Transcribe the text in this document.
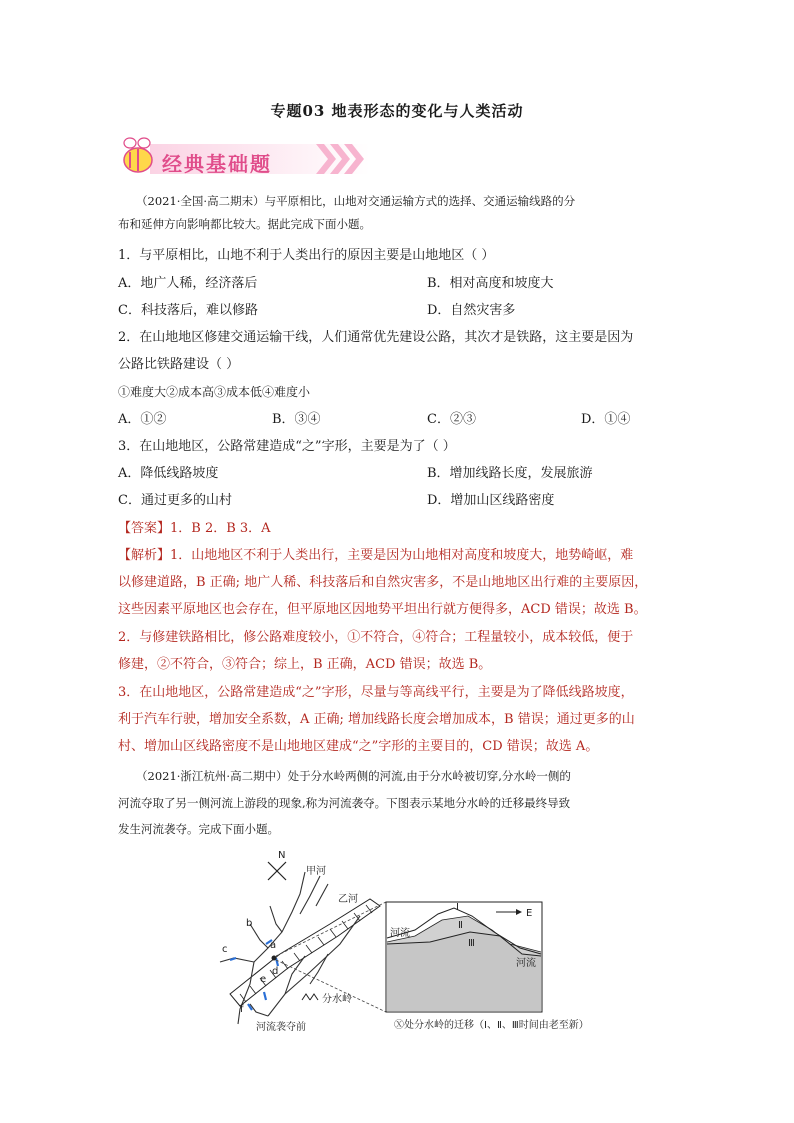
专题03 地表形态的变化与人类活动
经典基础题
（2021·全国·高二期末）与平原相比，山地对交通运输方式的选择、交通运输线路的分
布和延伸方向影响都比较大。据此完成下面小题。
1．与平原相比，山地不利于人类出行的原因主要是山地地区（ ）
A．地广人稀，经济落后	B．相对高度和坡度大
C．科技落后，难以修路	D．自然灾害多
2．在山地地区修建交通运输干线，人们通常优先建设公路，其次才是铁路，这主要是因为
公路比铁路建设（ ）
①难度大②成本高③成本低④难度小
A．①②	B．③④	C．②③	D．①④
3．在山地地区，公路常建造成“之”字形，主要是为了（ ）
A．降低线路坡度	B．增加线路长度，发展旅游
C．通过更多的山村	D．增加山区线路密度
【答案】1．B 2．B 3．A
【解析】1．山地地区不利于人类出行，主要是因为山地相对高度和坡度大，地势崎岖，难
以修建道路，B 正确; 地广人稀、科技落后和自然灾害多，不是山地地区出行难的主要原因，
这些因素平原地区也会存在，但平原地区因地势平坦出行就方便得多，ACD 错误；故选 B。
2．与修建铁路相比，修公路难度较小，①不符合，④符合；工程量较小，成本较低，便于
修建，②不符合，③符合；综上，B 正确，ACD 错误；故选 B。
3．在山地地区，公路常建造成“之”字形，尽量与等高线平行，主要是为了降低线路坡度，
利于汽车行驶，增加安全系数，A 正确; 增加线路长度会增加成本，B 错误；通过更多的山
村、增加山区线路密度不是山地地区建成“之”字形的主要目的，CD 错误；故选 A。
（2021·浙江杭州·高二期中）处于分水岭两侧的河流,由于分水岭被切穿,分水岭一侧的
河流夺取了另一侧河流上游段的现象,称为河流袭夺。下图表示某地分水岭的迁移最终导致
发生河流袭夺。完成下面小题。
N
b
c	a
d
e
f
甲河
乙河
分水岭
河流袭夺前
Ⅰ
Ⅱ
Ⅲ
E
河流
河流
Ⓧ处分水岭的迁移（Ⅰ、Ⅱ、Ⅲ时间由老至新）
